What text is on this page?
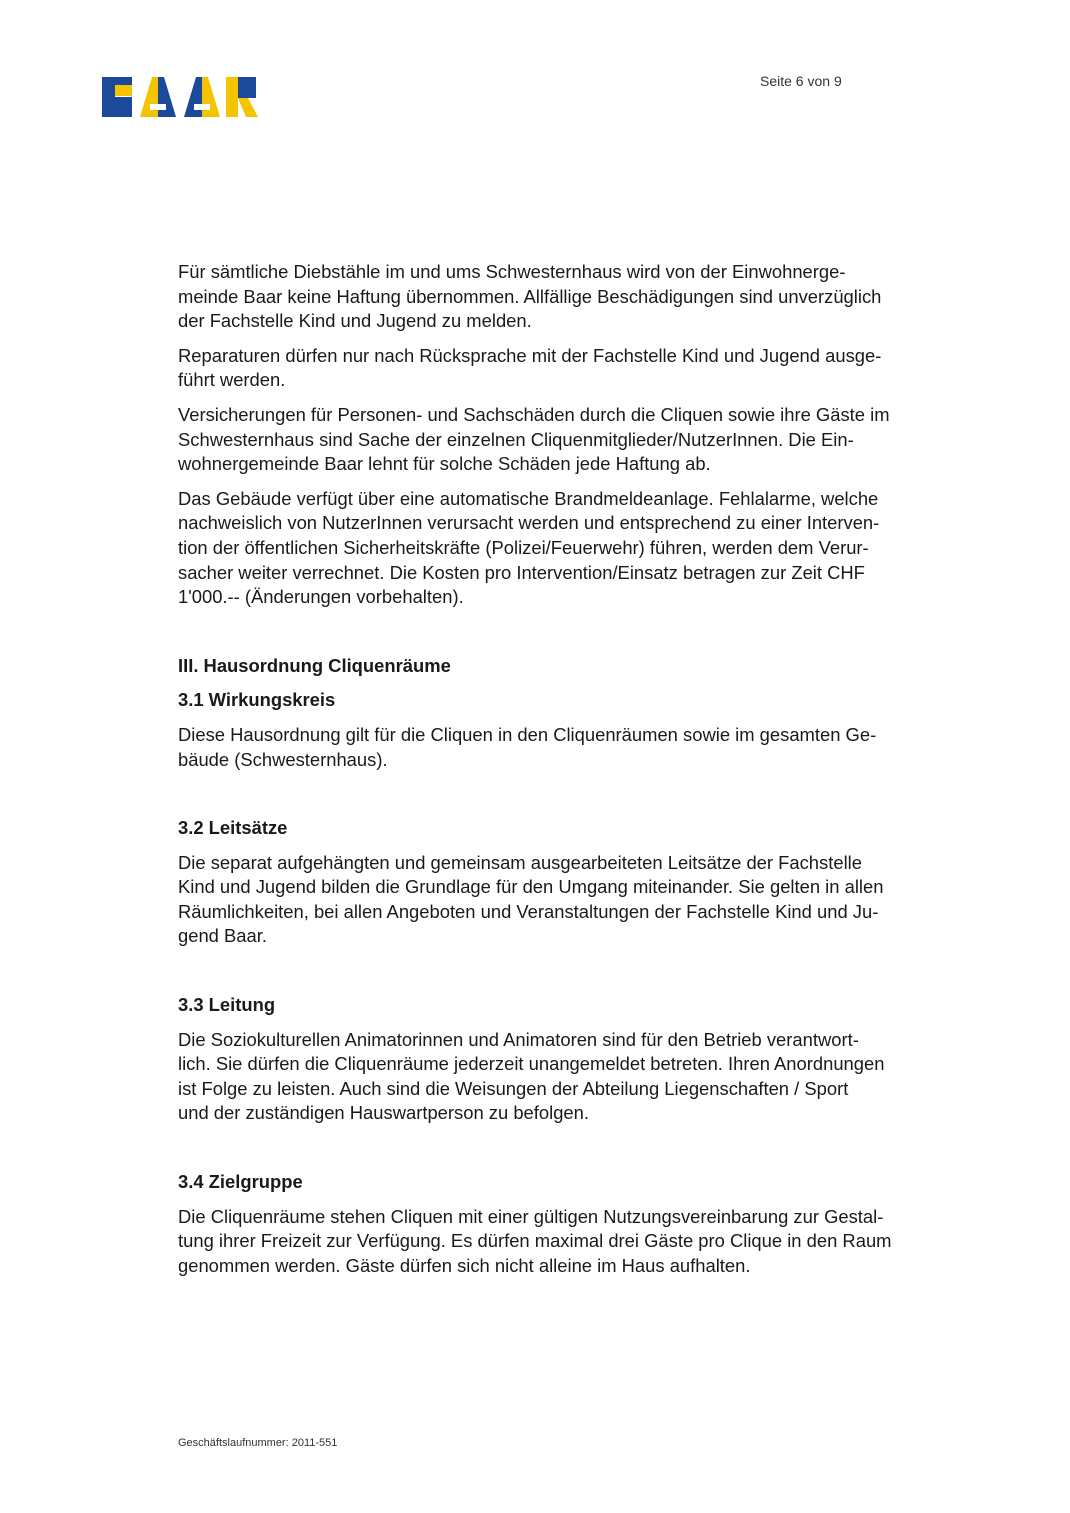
Seite 6 von 9

Für sämtliche Diebstähle im und ums Schwesternhaus wird von der Einwohnerge-
meinde Baar keine Haftung übernommen. Allfällige Beschädigungen sind unverzüglich
der Fachstelle Kind und Jugend zu melden.

Reparaturen dürfen nur nach Rücksprache mit der Fachstelle Kind und Jugend ausge-
führt werden.

Versicherungen für Personen- und Sachschäden durch die Cliquen sowie ihre Gäste im
Schwesternhaus sind Sache der einzelnen Cliquenmitglieder/NutzerInnen. Die Ein-
wohnergemeinde Baar lehnt für solche Schäden jede Haftung ab.

Das Gebäude verfügt über eine automatische Brandmeldeanlage. Fehlalarme, welche
nachweislich von NutzerInnen verursacht werden und entsprechend zu einer Interven-
tion der öffentlichen Sicherheitskräfte (Polizei/Feuerwehr) führen, werden dem Verur-
sacher weiter verrechnet. Die Kosten pro Intervention/Einsatz betragen zur Zeit CHF
1'000.-- (Änderungen vorbehalten).

III. Hausordnung Cliquenräume
3.1 Wirkungskreis

Diese Hausordnung gilt für die Cliquen in den Cliquenräumen sowie im gesamten Ge-
bäude (Schwesternhaus).

3.2 Leitsätze

Die separat aufgehängten und gemeinsam ausgearbeiteten Leitsätze der Fachstelle
Kind und Jugend bilden die Grundlage für den Umgang miteinander. Sie gelten in allen
Räumlichkeiten, bei allen Angeboten und Veranstaltungen der Fachstelle Kind und Ju-
gend Baar.

3.3 Leitung

Die Soziokulturellen Animatorinnen und Animatoren sind für den Betrieb verantwort-
lich. Sie dürfen die Cliquenräume jederzeit unangemeldet betreten. Ihren Anordnungen
ist Folge zu leisten. Auch sind die Weisungen der Abteilung Liegenschaften / Sport
und der zuständigen Hauswartperson zu befolgen.

3.4 Zielgruppe

Die Cliquenräume stehen Cliquen mit einer gültigen Nutzungsvereinbarung zur Gestal-
tung ihrer Freizeit zur Verfügung. Es dürfen maximal drei Gäste pro Clique in den Raum
genommen werden. Gäste dürfen sich nicht alleine im Haus aufhalten.

Geschäftslaufnummer: 2011-551
